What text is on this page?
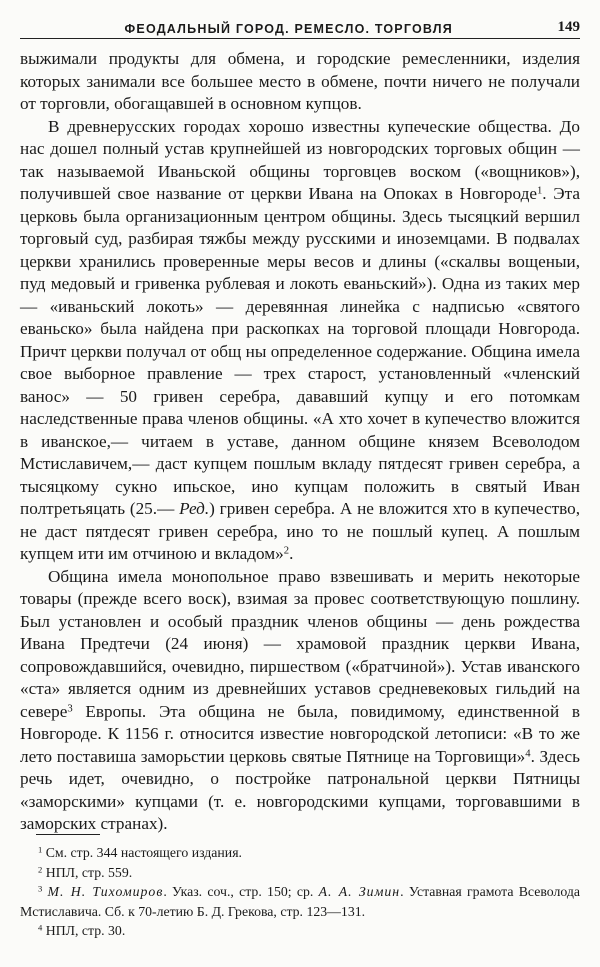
ФЕОДАЛЬНЫЙ ГОРОД. РЕМЕСЛО. ТОРГОВЛЯ	149

выжимали продукты для обмена, и городские ремесленники, изделия которых занимали все большее место в обмене, почти ничего не получали от торговли, обогащавшей в основном купцов.

В древнерусских городах хорошо известны купеческие общества. До нас дошел полный устав крупнейшей из новгородских торговых общин — так называемой Иваньской общины торговцев воском («вощников»), получившей свое название от церкви Ивана на Опоках в Новгороде$^1$. Эта церковь была организационным центром общины. Здесь тысяцкий вершил торговый суд, разбирая тяжбы между русскими и иноземцами. В подвалах церкви хранились проверенные меры весов и длины («скалвы вощеныи, пуд медовый и гривенка рублевая и локоть еваньский»). Одна из таких мер — «иваньский локоть» — деревянная линейка с надписью «святого еваньско» была найдена при раскопках на торговой площади Новгорода. Причт церкви получал от общ ны определенное содержание. Община имела свое выборное правление — трех старост, установленный «членский ванос» — 50 гривен серебра, дававший купцу и его потомкам наследственные права членов общины. «А хто хочет в купечество вложится в иванское,— читаем в уставе, данном общине князем Всеволодом Мстиславичем,— даст купцем пошлым вкладу пятдесят гривен серебра, а тысяцкому сукно ипьское, ино купцам положить в святый Иван полтретьяцать (25.— Ред.) гривен серебра. А не вложится хто в купечество, не даст пятдесят гривен серебра, ино то не пошлый купец. А пошлым купцем ити им отчиною и вкладом»$^2$.

Община имела монопольное право взвешивать и мерить некоторые товары (прежде всего воск), взимая за провес соответствующую пошлину. Был установлен и особый праздник членов общины — день рождества Ивана Предтечи (24 июня) — храмовой праздник церкви Ивана, сопровождавшийся, очевидно, пиршеством («братчиной»). Устав иванского «ста» является одним из древнейших уставов средневековых гильдий на севере$^3$ Европы. Эта община не была, повидимому, единственной в Новгороде. К 1156 г. относится известие новгородской летописи: «В то же лето поставиша заморьстии церковь святые Пятнице на Торговищи»$^4$. Здесь речь идет, очевидно, о постройке патрональной церкви Пятницы «заморскими» купцами (т. е. новгородскими купцами, торговавшими в заморских странах).

$^1$ См. стр. 344 настоящего издания.

$^2$ НПЛ, стр. 559.

$^3$ М. Н. Тихомиров. Указ. соч., стр. 150; ср. А. А. Зимин. Уставная грамота Всеволода Мстиславича. Сб. к 70-летию Б. Д. Грекова, стр. 123—131.

$^4$ НПЛ, стр. 30.
